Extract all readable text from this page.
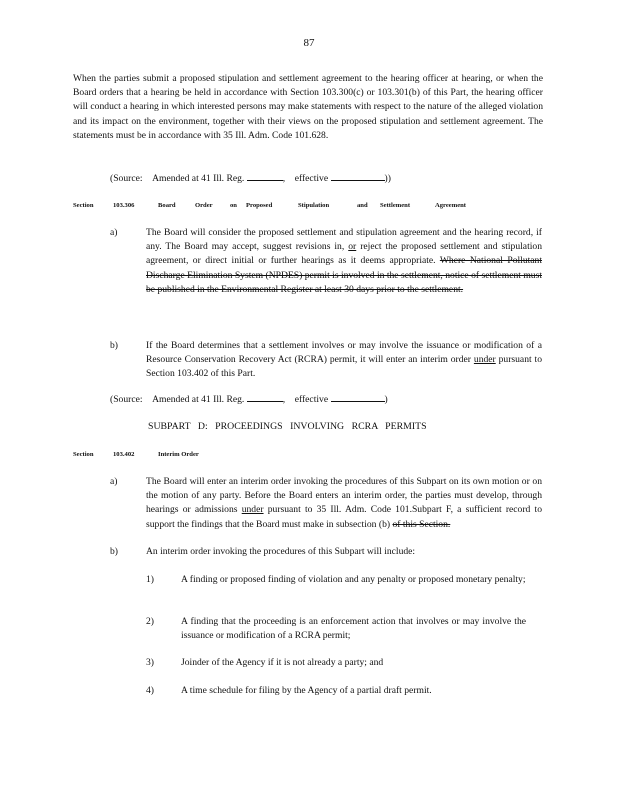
87

When the parties submit a proposed stipulation and settlement agreement to the hearing officer at hearing, or when the Board orders that a hearing be held in accordance with Section 103.300(c) or 103.301(b) of this Part, the hearing officer will conduct a hearing in which interested persons may make statements with respect to the nature of the alleged violation and its impact on the environment, together with their views on the proposed stipulation and settlement agreement. The statements must be in accordance with 35 Ill. Adm. Code 101.628.

(Source: Amended at 41 Ill. Reg.	,    effective	))
Section	103.306	Board	Order	on Proposed	Stipulation	and Settlement	Agreement
a)	The Board will consider the proposed settlement and stipulation agreement and the hearing record, if any. The Board may accept, suggest revisions in, or reject the proposed settlement and stipulation agreement, or direct initial or further hearings as it deems appropriate. Where National Pollutant Discharge Elimination System (NPDES) permit is involved in the settlement, notice of settlement must be published in the Environmental Register at least 30 days prior to the settlement.

b)	If the Board determines that a settlement involves or may involve the issuance or modification of a Resource Conservation Recovery Act (RCRA) permit, it will enter an interim order under pursuant to Section 103.402 of this Part.

(Source: Amended at 41 Ill. Reg.	,    effective	)
SUBPART D: PROCEEDINGS INVOLVING RCRA PERMITS
Section	103.402	Interim Order
a)	The Board will enter an interim order invoking the procedures of this Subpart on its own motion or on the motion of any party. Before the Board enters an interim order, the parties must develop, through hearings or admissions under pursuant to 35 Ill. Adm. Code 101.Subpart F, a sufficient record to support the findings that the Board must make in subsection (b) of this Section.

b)	An interim order invoking the procedures of this Subpart will include:

1)	A finding or proposed finding of violation and any penalty or proposed monetary penalty;

2)	A finding that the proceeding is an enforcement action that involves or may involve the issuance or modification of a RCRA permit;

3)	Joinder of the Agency if it is not already a party; and

4)	A time schedule for filing by the Agency of a partial draft permit.
